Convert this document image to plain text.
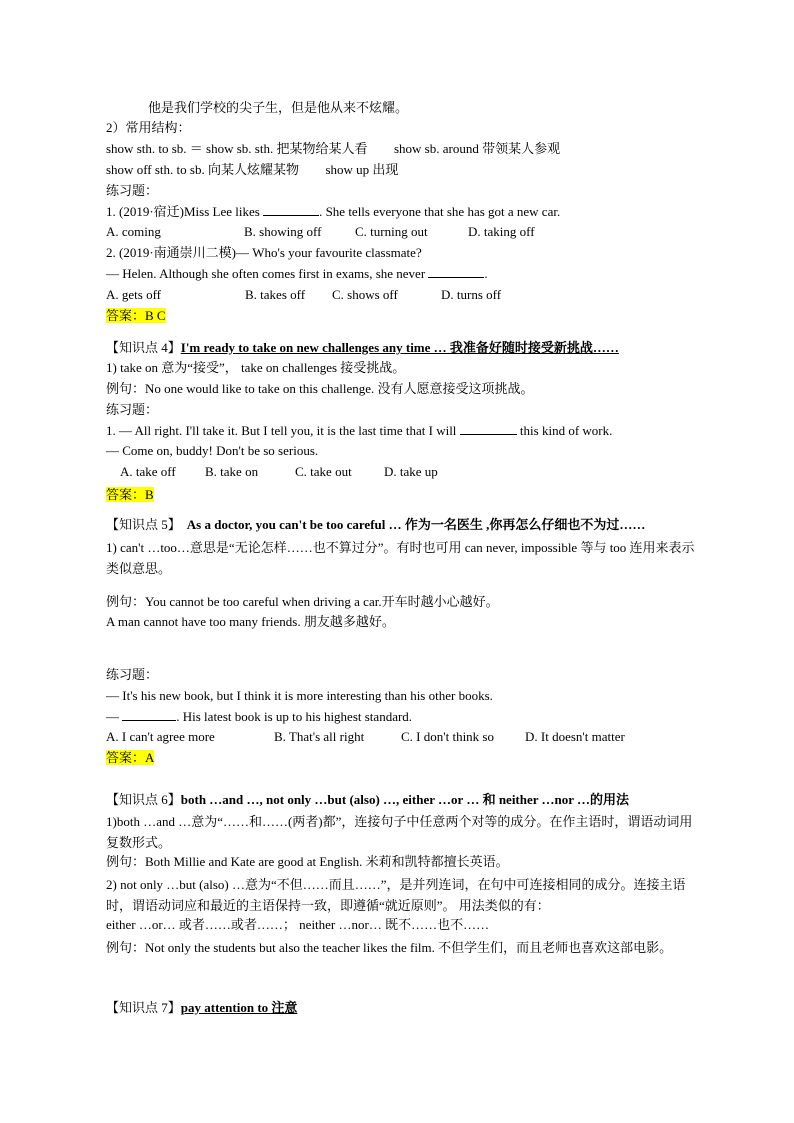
他是我们学校的尖子生，但是他从来不炫耀。
2）常用结构：
show sth. to sb. ＝ show sb. sth. 把某物给某人看 show sb. around 带领某人参观
show off sth. to sb. 向某人炫耀某物 show up 出现
练习题：
1. (2019·宿迁)Miss Lee likes	. She tells everyone that she has got a new car.
A. coming	B. showing off	C. turning out	D. taking off
2. (2019·南通崇川二模)— Who's your favourite classmate?
— Helen. Although she often comes first in exams, she never	.
A. gets off	B. takes off C. shows off	D. turns off
答案：B C
【知识点 4】I'm ready to take on new challenges any time … 我准备好随时接受新挑战……
1) take on 意为“接受”， take on challenges 接受挑战。
例句：No one would like to take on this challenge. 没有人愿意接受这项挑战。
练习题：
1. — All right. I'll take it. But I tell you, it is the last time that I will	this kind of work.
— Come on, buddy! Don't be so serious.
A. take off B. take on	C. take out D. take up
答案：B
【知识点 5】 As a doctor, you can't be too careful … 作为一名医生 ,你再怎么仔细也不为过……
1) can't …too…意思是“无论怎样……也不算过分”。有时也可用 can never, impossible 等与 too 连用来表示类似意思。
例句：You cannot be too careful when driving a car.开车时越小心越好。
A man cannot have too many friends. 朋友越多越好。
练习题：
— It's his new book, but I think it is more interesting than his other books.
—	. His latest book is up to his highest standard.
A. I can't agree more	B. That's all right	C. I don't think so D. It doesn't matter
答案：A
【知识点 6】both …and …, not only …but (also) …, either …or … 和 neither …nor …的用法
1)both …and …意为“……和……(两者)都”，连接句子中任意两个对等的成分。在作主语时，谓语动词用复数形式。
例句：Both Millie and Kate are good at English. 米莉和凯特都擅长英语。
2) not only …but (also) …意为“不但……而且……”，是并列连词，在句中可连接相同的成分。连接主语时，谓语动词应和最近的主语保持一致，即遵循“就近原则”。 用法类似的有：
either …or… 或者……或者……； neither …nor… 既不……也不……
例句：Not only the students but also the teacher likes the film. 不但学生们，而且老师也喜欢这部电影。
【知识点 7】pay attention to 注意
